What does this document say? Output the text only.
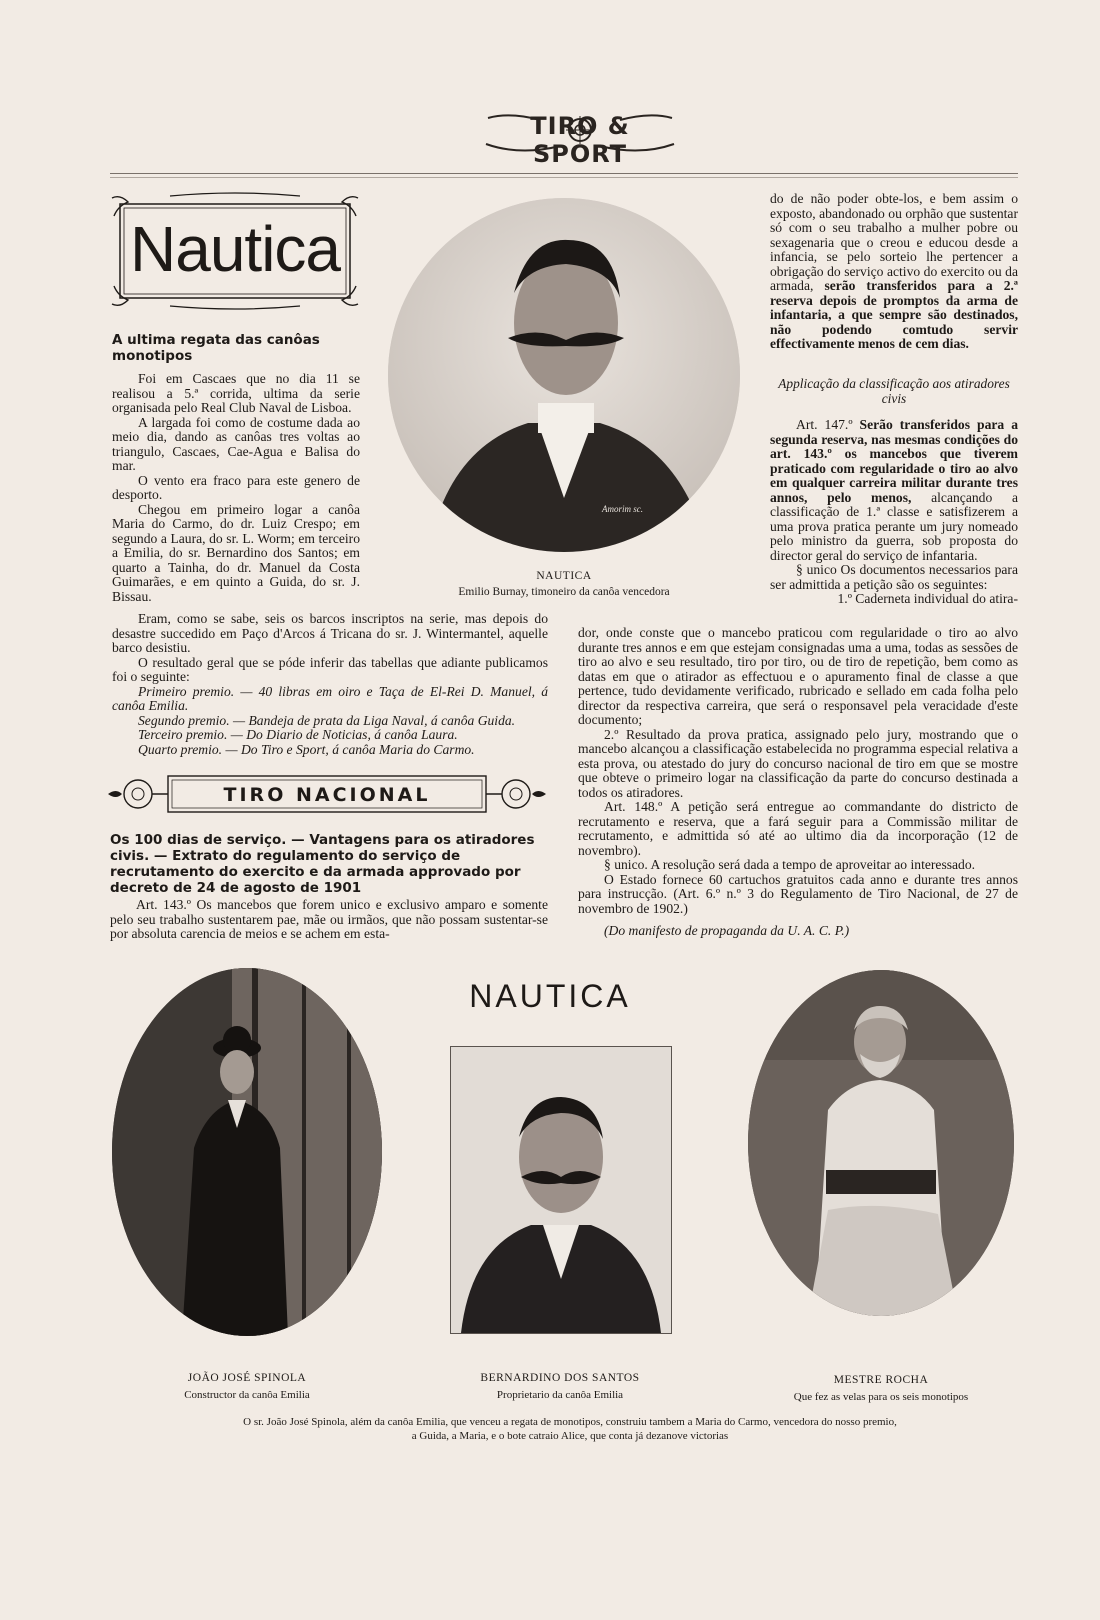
TIRO & SPORT
Nautica
A ultima regata das canôas monotipos

Foi em Cascaes que no dia 11 se realisou a 5.ª corrida, ultima da serie organisada pelo Real Club Naval de Lisboa.

A largada foi como de costume dada ao meio dia, dando as canôas tres voltas ao triangulo, Cascaes, Cae-Agua e Balisa do mar.

O vento era fraco para este genero de desporto.

Chegou em primeiro logar a canôa Maria do Carmo, do dr. Luiz Crespo; em segundo a Laura, do sr. L. Worm; em terceiro a Emilia, do sr. Bernardino dos Santos; em quarto a Tainha, do dr. Manuel da Costa Guimarães, e em quinto a Guida, do sr. J. Bissau.

Eram, como se sabe, seis os barcos inscriptos na serie, mas depois do desastre succedido em Paço d'Arcos á Tricana do sr. J. Wintermantel, aquelle barco desistiu.

O resultado geral que se póde inferir das tabellas que adiante publicamos foi o seguinte:

Primeiro premio. — 40 libras em oiro e Taça de El-Rei D. Manuel, á canôa Emilia.

Segundo premio. — Bandeja de prata da Liga Naval, á canôa Guida.

Terceiro premio. — Do Diario de Noticias, á canôa Laura.

Quarto premio. — Do Tiro e Sport, á canôa Maria do Carmo.

Amorim sc.
NAUTICA
Emilio Burnay, timoneiro da canôa vencedora

do de não poder obte-los, e bem assim o exposto, abandonado ou orphão que sustentar só com o seu trabalho a mulher pobre ou sexagenaria que o creou e educou desde a infancia, se pelo sorteio lhe pertencer a obrigação do serviço activo do exercito ou da armada, serão transferidos para a 2.ª reserva depois de promptos da arma de infantaria, a que sempre são destinados, não podendo comtudo servir effectivamente menos de cem dias.

Applicação da classificação aos atiradores civis

Art. 147.º Serão transferidos para a segunda reserva, nas mesmas condições do art. 143.º os mancebos que tiverem praticado com regularidade o tiro ao alvo em qualquer carreira militar durante tres annos, pelo menos, alcançando a classificação de 1.ª classe e satisfizerem a uma prova pratica perante um jury nomeado pelo ministro da guerra, sob proposta do director geral do serviço de infantaria.

§ unico Os documentos necessarios para ser admittida a petição são os seguintes:

1.º Caderneta individual do atira-

dor, onde conste que o mancebo praticou com regularidade o tiro ao alvo durante tres annos e em que estejam consignadas uma a uma, todas as sessões de tiro ao alvo e seu resultado, tiro por tiro, ou de tiro de repetição, bem como as datas em que o atirador as effectuou e o apuramento final de classe a que pertence, tudo devidamente verificado, rubricado e sellado em cada folha pelo director da respectiva carreira, que será o responsavel pela veracidade d'este documento;

2.º Resultado da prova pratica, assignado pelo jury, mostrando que o mancebo alcançou a classificação estabelecida no programma especial relativa a esta prova, ou atestado do jury do concurso nacional de tiro em que se mostre que obteve o primeiro logar na classificação da parte do concurso destinada a todos os atiradores.

Art. 148.º A petição será entregue ao commandante do districto de recrutamento e reserva, que a fará seguir para a Commissão militar de recrutamento, e admittida só até ao ultimo dia da incorporação (12 de novembro).

§ unico. A resolução será dada a tempo de aproveitar ao interessado.

O Estado fornece 60 cartuchos gratuitos cada anno e durante tres annos para instrucção. (Art. 6.º n.º 3 do Regulamento de Tiro Nacional, de 27 de novembro de 1902.)

(Do manifesto de propaganda da U. A. C. P.)

TIRO NACIONAL
Os 100 dias de serviço. — Vantagens para os atiradores civis. — Extrato do regulamento do serviço de recrutamento do exercito e da armada approvado por decreto de 24 de agosto de 1901

Art. 143.º Os mancebos que forem unico e exclusivo amparo e somente pelo seu trabalho sustentarem pae, mãe ou irmãos, que não possam sustentar-se por absoluta carencia de meios e se achem em esta-

NAUTICA
JOÃO JOSÉ SPINOLA
Constructor da canôa Emilia
BERNARDINO DOS SANTOS
Proprietario da canôa Emilia
MESTRE ROCHA
Que fez as velas para os seis monotipos
O sr. João José Spinola, além da canôa Emilia, que venceu a regata de monotipos, construiu tambem a Maria do Carmo, vencedora do nosso premio,
a Guida, a Maria, e o bote catraio Alice, que conta já dezanove victorias
